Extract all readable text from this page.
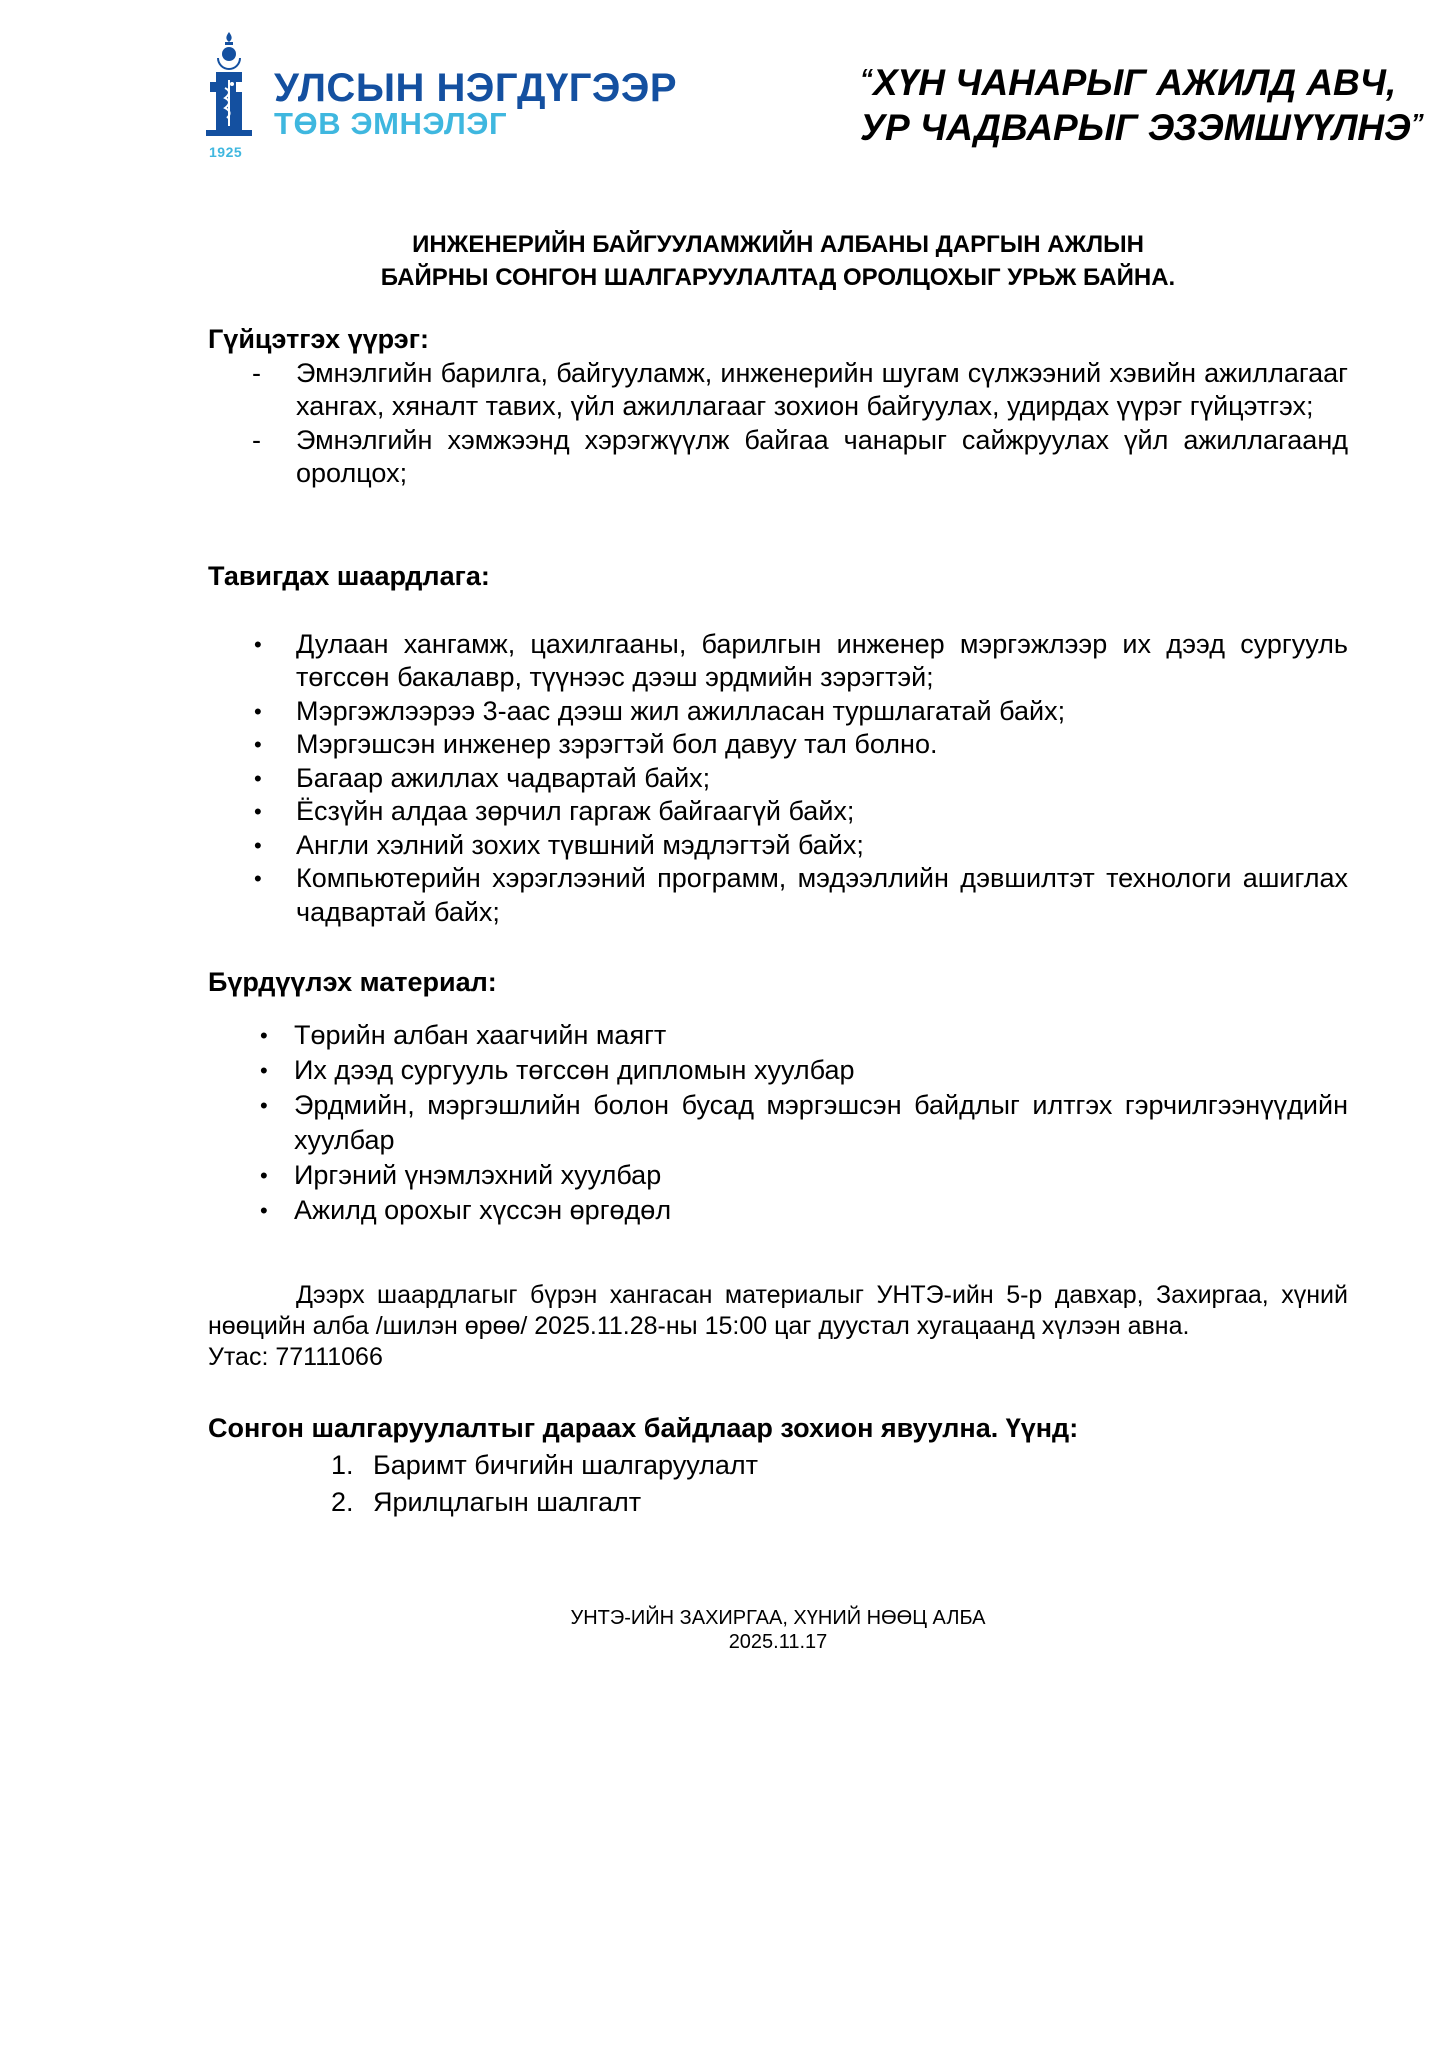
1925
УЛСЫН НЭГДҮГЭЭР
ТӨВ ЭМНЭЛЭГ
“ХҮН ЧАНАРЫГ АЖИЛД АВЧ,
УР ЧАДВАРЫГ ЭЗЭМШҮҮЛНЭ”
ИНЖЕНЕРИЙН БАЙГУУЛАМЖИЙН АЛБАНЫ ДАРГЫН АЖЛЫН
БАЙРНЫ СОНГОН ШАЛГАРУУЛАЛТАД ОРОЛЦОХЫГ УРЬЖ БАЙНА.
Гүйцэтгэх үүрэг:
- Эмнэлгийн барилга, байгууламж, инженерийн шугам сүлжээний хэвийн ажиллагааг хангах, хяналт тавих, үйл ажиллагааг зохион байгуулах, удирдах үүрэг гүйцэтгэх;
- Эмнэлгийн хэмжээнд хэрэгжүүлж байгаа чанарыг сайжруулах үйл ажиллагаанд оролцох;
Тавигдах шаардлага:
• Дулаан хангамж, цахилгааны, барилгын инженер мэргэжлээр их дээд сургууль төгссөн бакалавр, түүнээс дээш эрдмийн зэрэгтэй;
• Мэргэжлээрээ 3-аас дээш жил ажилласан туршлагатай байх;
• Мэргэшсэн инженер зэрэгтэй бол давуу тал болно.
• Багаар ажиллах чадвартай байх;
• Ёсзүйн алдаа зөрчил гаргаж байгаагүй байх;
• Англи хэлний зохих түвшний мэдлэгтэй байх;
• Компьютерийн хэрэглээний программ, мэдээллийн дэвшилтэт технологи ашиглах чадвартай байх;
Бүрдүүлэх материал:
• Төрийн албан хаагчийн маягт
• Их дээд сургууль төгссөн дипломын хуулбар
• Эрдмийн, мэргэшлийн болон бусад мэргэшсэн байдлыг илтгэх гэрчилгээнүүдийн хуулбар
• Иргэний үнэмлэхний хуулбар
• Ажилд орохыг хүссэн өргөдөл
Дээрх шаардлагыг бүрэн хангасан материалыг УНТЭ-ийн 5-р давхар, Захиргаа, хүний нөөцийн алба /шилэн өрөө/ 2025.11.28-ны 15:00 цаг дуустал хугацаанд хүлээн авна.
Утас: 77111066
Сонгон шалгаруулалтыг дараах байдлаар зохион явуулна. Үүнд:
1. Баримт бичгийн шалгаруулалт
2. Ярилцлагын шалгалт
УНТЭ-ИЙН ЗАХИРГАА, ХҮНИЙ НӨӨЦ АЛБА
2025.11.17
